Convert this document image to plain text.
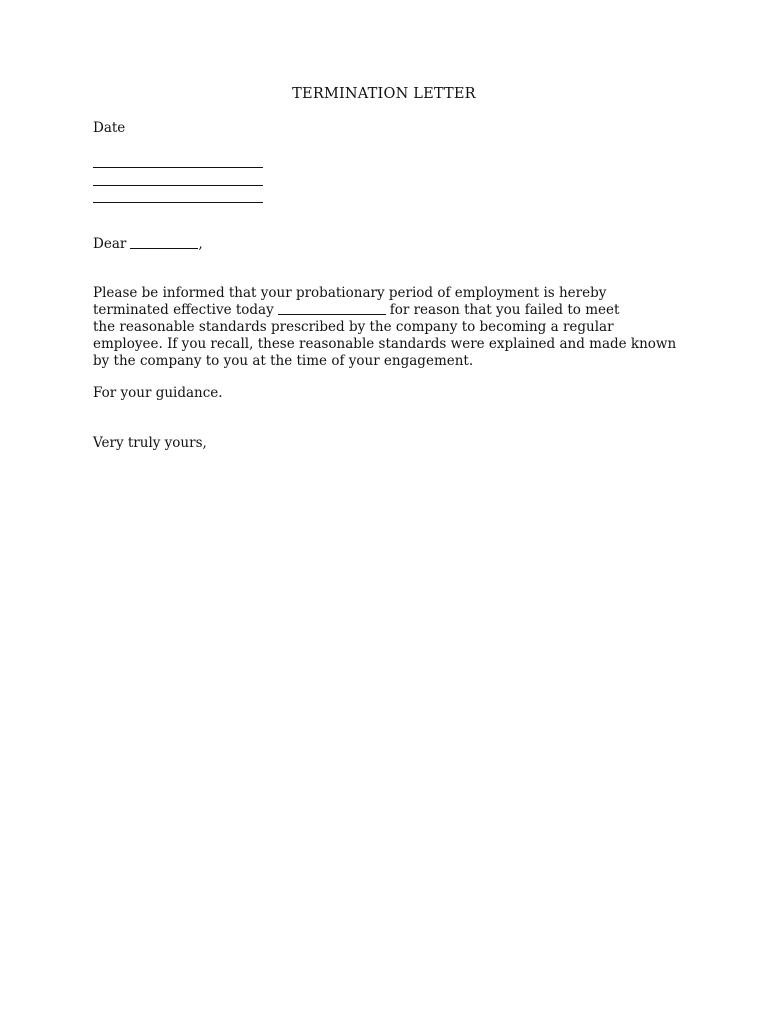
TERMINATION LETTER
Date
Dear	,
Please be informed that your probationary period of employment is hereby
terminated effective today	for reason that you failed to meet
the reasonable standards prescribed by the company to becoming a regular
employee. If you recall, these reasonable standards were explained and made known
by the company to you at the time of your engagement.
For your guidance.
Very truly yours,
